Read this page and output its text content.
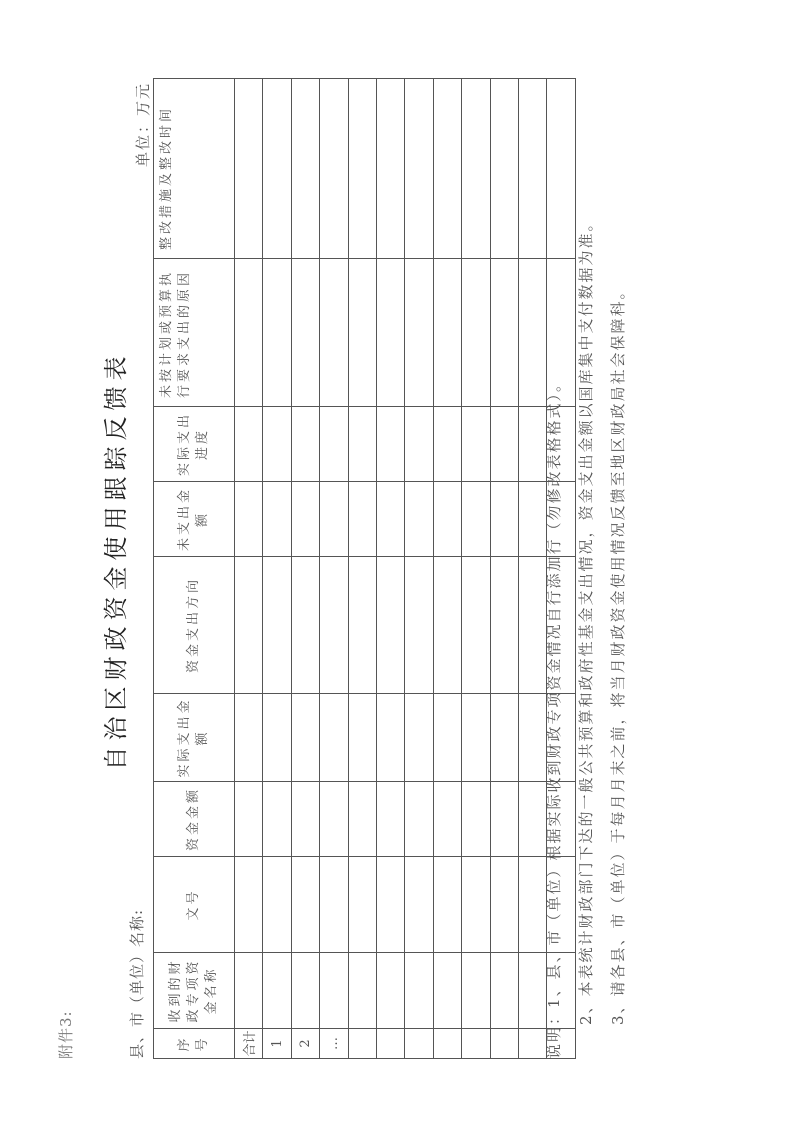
附件3:
自治区财政资金使用跟踪反馈表
县、市（单位）名称:
单位：万元
序号	收到的财政专项资金名称	文号	资金金额	实际支出金额	资金支出方向	未支出金额	实际支出进度	未按计划或预算执行要求支出的原因	整改措施及整改时间
合计									
1									
2									
…									

										说明：1、县、市（单位）根据实际收到财政专项资金情况自行添加行（勿修改表格格式）。 2、本表统计财政部门下达的一般公共预算和政府性基金支出情况，资金支出金额以国库集中支付数据为准。 3、请各县、市（单位）于每月月末之前，将当月财政资金使用情况反馈至地区财政局社会保障科。
